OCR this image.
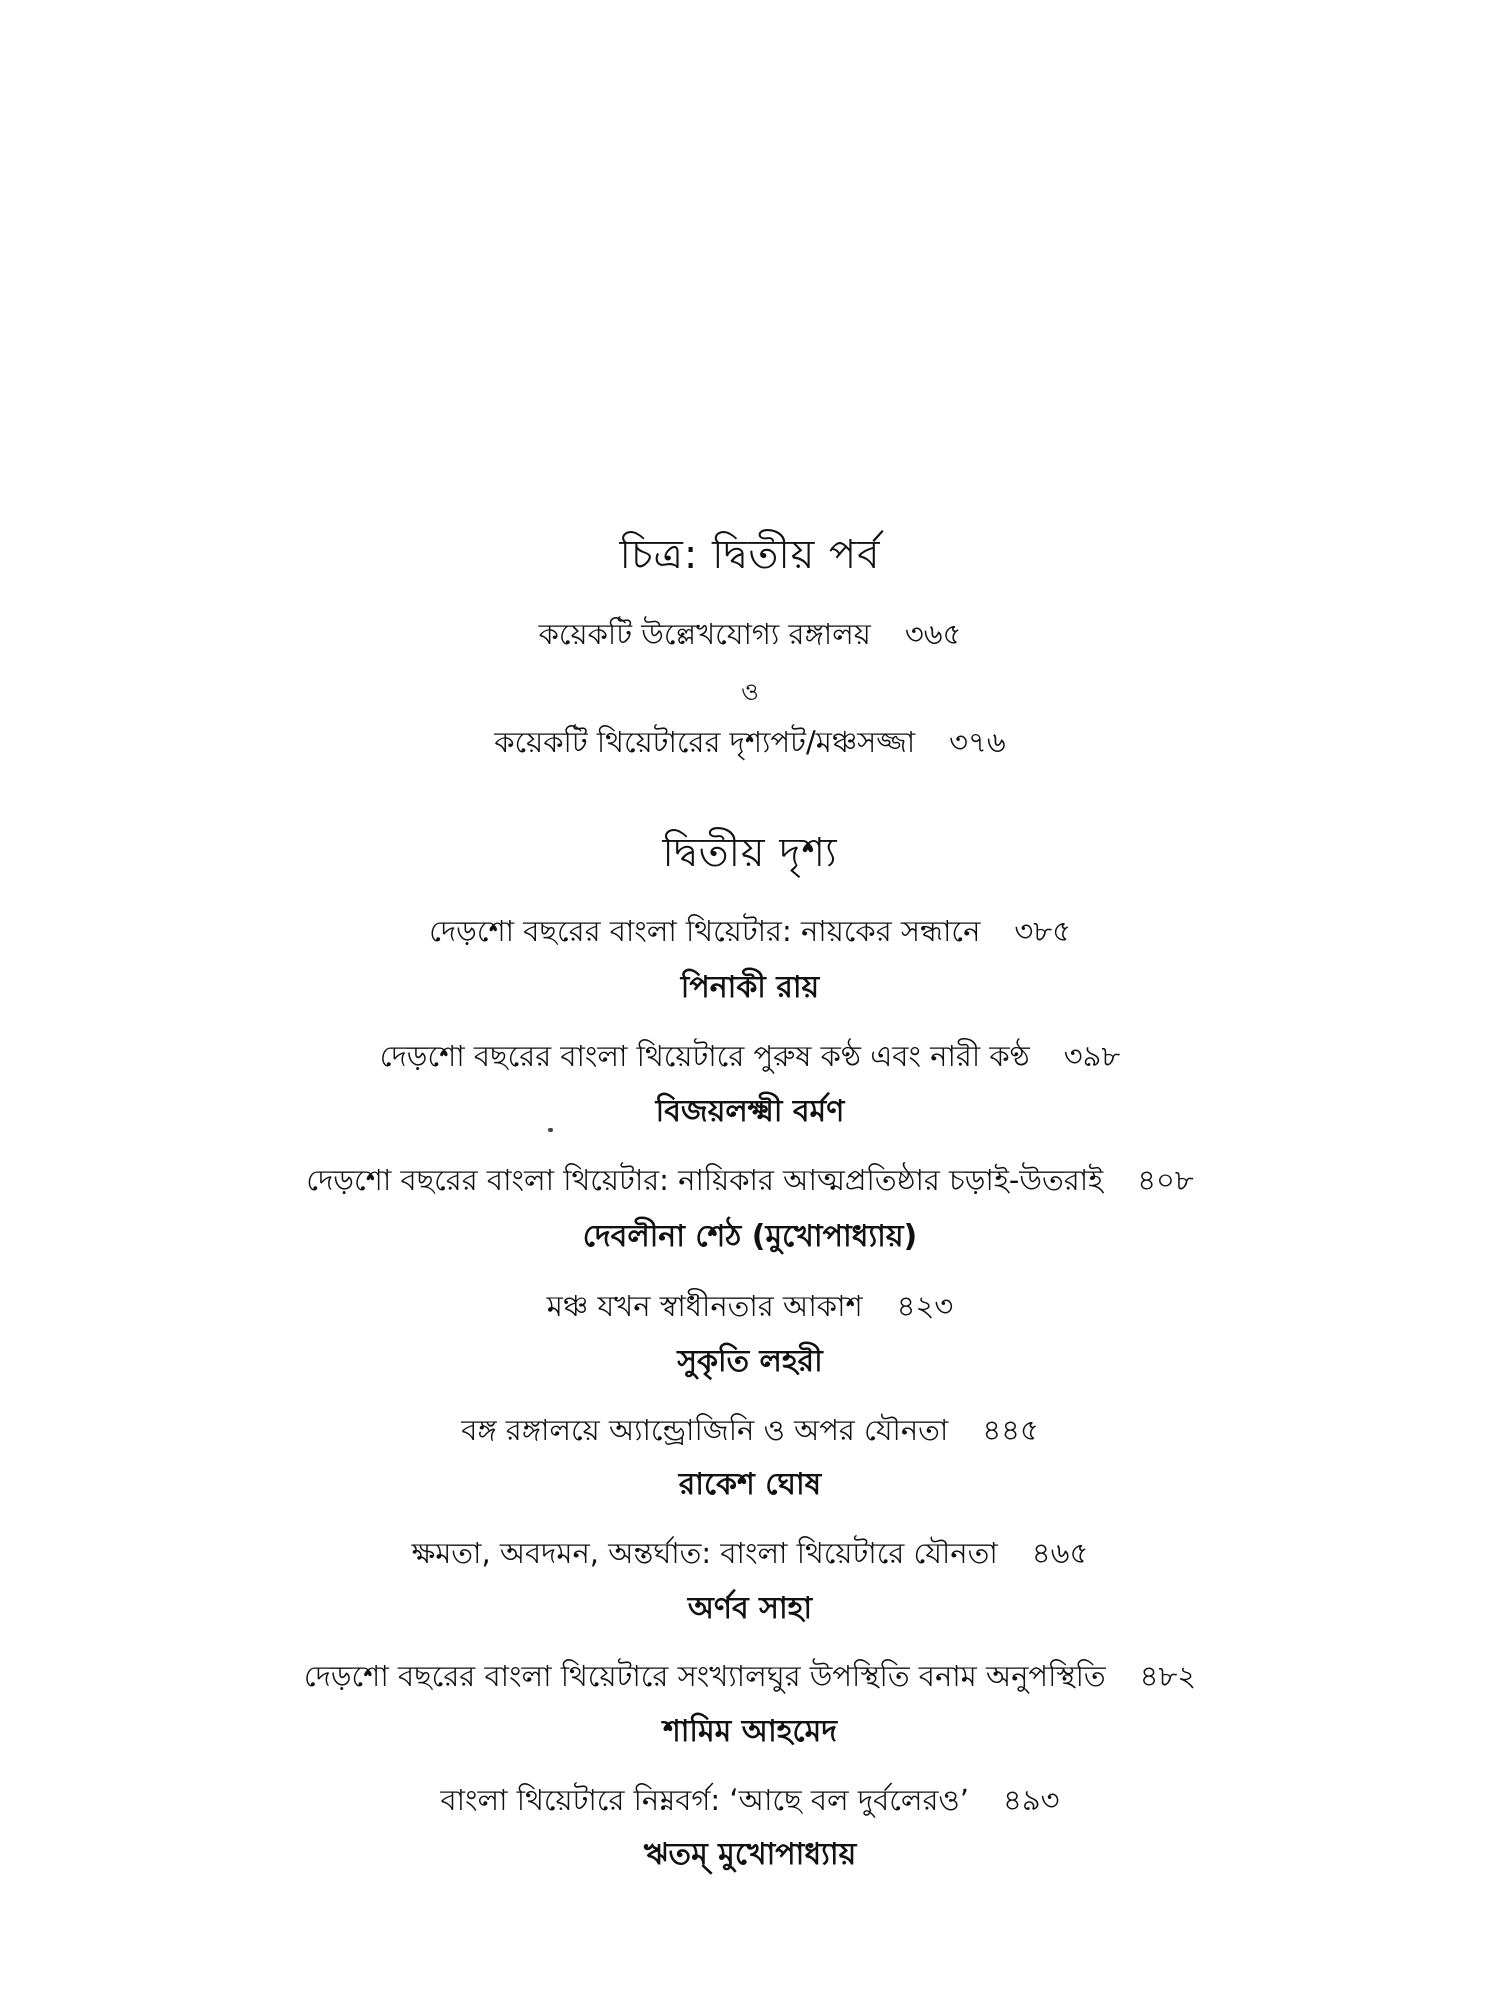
চিত্র: দ্বিতীয় পর্ব
কয়েকটি উল্লেখযোগ্য রঙ্গালয় ৩৬৫
ও
কয়েকটি থিয়েটারের দৃশ্যপট/মঞ্চসজ্জা ৩৭৬
দ্বিতীয় দৃশ্য
দেড়শো বছরের বাংলা থিয়েটার: নায়কের সন্ধানে ৩৮৫
পিনাকী রায়
দেড়শো বছরের বাংলা থিয়েটারে পুরুষ কণ্ঠ এবং নারী কণ্ঠ ৩৯৮
বিজয়লক্ষ্মী বর্মণ
দেড়শো বছরের বাংলা থিয়েটার: নায়িকার আত্মপ্রতিষ্ঠার চড়াই-উতরাই ৪০৮
দেবলীনা শেঠ (মুখোপাধ্যায়)
মঞ্চ যখন স্বাধীনতার আকাশ ৪২৩
সুকৃতি লহরী
বঙ্গ রঙ্গালয়ে অ্যান্ড্রোজিনি ও অপর যৌনতা ৪৪৫
রাকেশ ঘোষ
ক্ষমতা, অবদমন, অন্তর্ঘাত: বাংলা থিয়েটারে যৌনতা ৪৬৫
অর্ণব সাহা
দেড়শো বছরের বাংলা থিয়েটারে সংখ্যালঘুর উপস্থিতি বনাম অনুপস্থিতি ৪৮২
শামিম আহমেদ
বাংলা থিয়েটারে নিম্নবর্গ: ‘আছে বল দুর্বলেরও’ ৪৯৩
ঋতম্ মুখোপাধ্যায়
